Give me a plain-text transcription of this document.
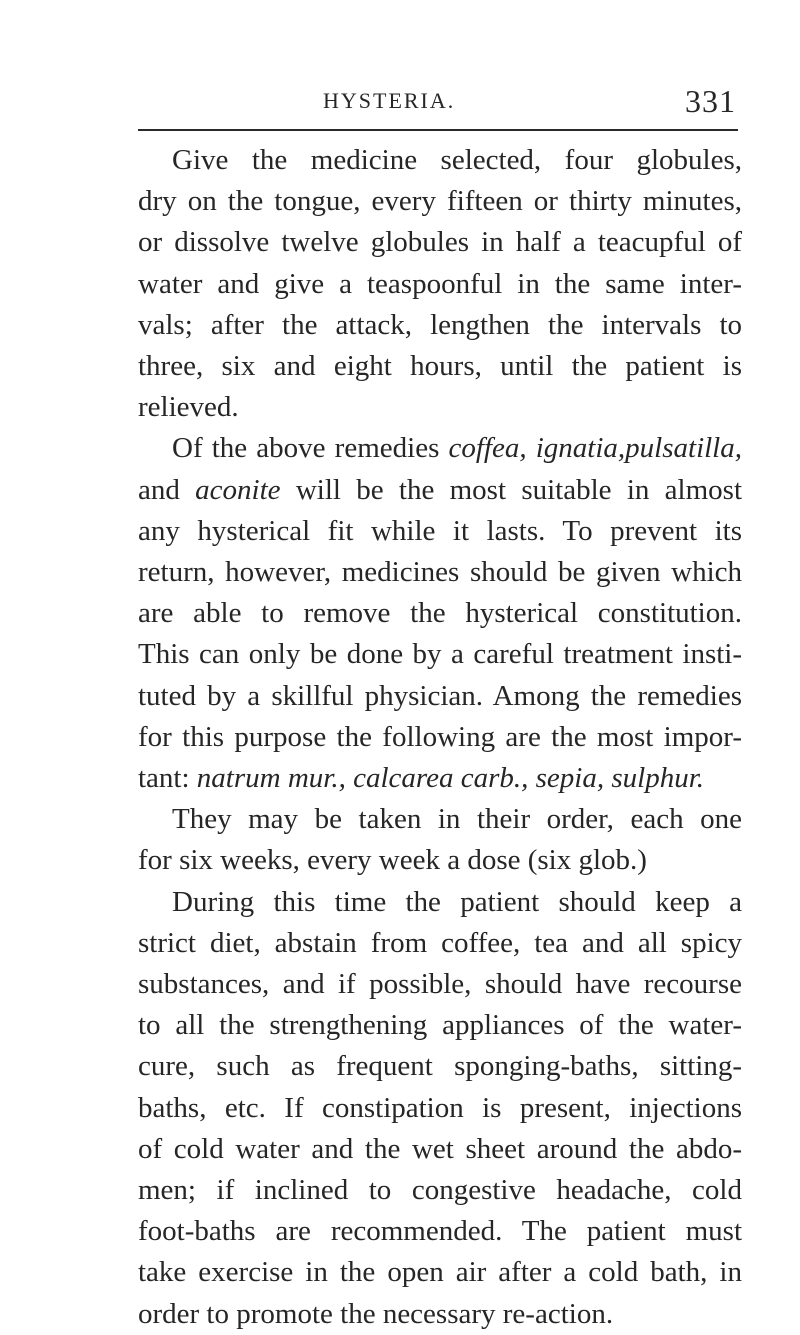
HYSTERIA.	331
Give the medicine selected, four globules,
dry on the tongue, every fifteen or thirty minutes,
or dissolve twelve globules in half a teacupful of
water and give a teaspoonful in the same inter-
vals; after the attack, lengthen the intervals to
three, six and eight hours, until the patient is
relieved.
Of the above remedies coffea, ignatia,pulsatilla,
and aconite will be the most suitable in almost
any hysterical fit while it lasts. To prevent its
return, however, medicines should be given which
are able to remove the hysterical constitution.
This can only be done by a careful treatment insti-
tuted by a skillful physician. Among the remedies
for this purpose the following are the most impor-
tant: natrum mur., calcarea carb., sepia, sulphur.
They may be taken in their order, each one
for six weeks, every week a dose (six glob.)
During this time the patient should keep a
strict diet, abstain from coffee, tea and all spicy
substances, and if possible, should have recourse
to all the strengthening appliances of the water-
cure, such as frequent sponging-baths, sitting-
baths, etc. If constipation is present, injections
of cold water and the wet sheet around the abdo-
men; if inclined to congestive headache, cold
foot-baths are recommended. The patient must
take exercise in the open air after a cold bath, in
order to promote the necessary re-action.
